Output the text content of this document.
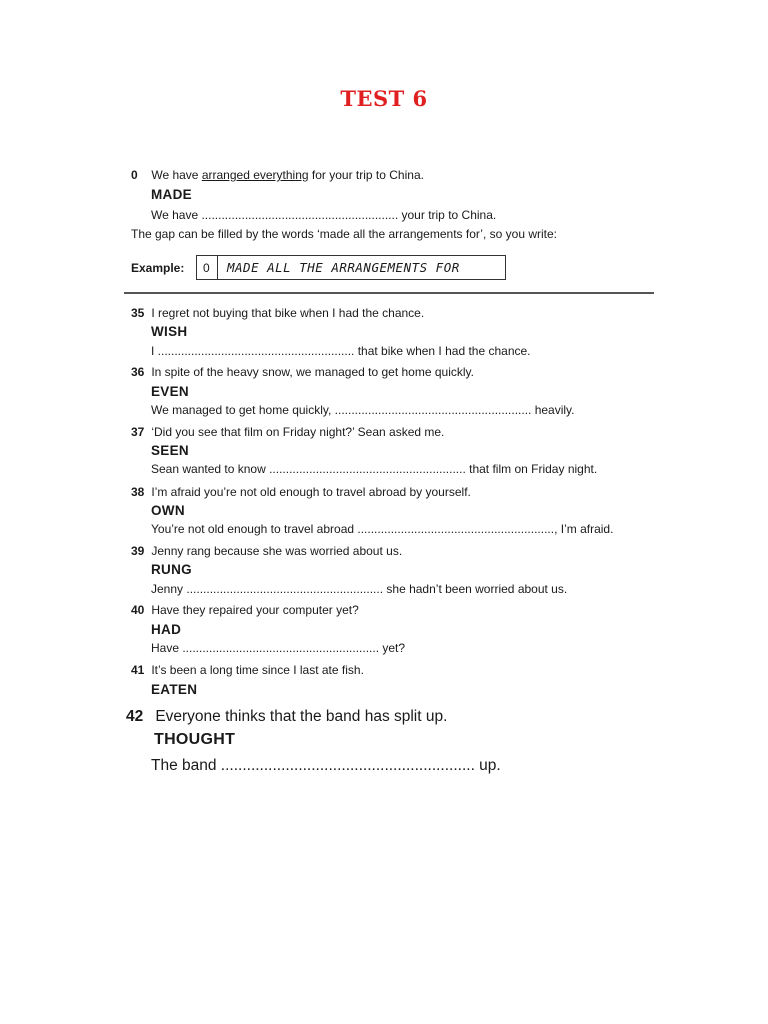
TEST 6
0 We have arranged everything for your trip to China.
MADE
We have ........................................................... your trip to China.
The gap can be filled by the words ‘made all the arrangements for’, so you write:
Example: 0 MADE ALL THE ARRANGEMENTS FOR
35 I regret not buying that bike when I had the chance.
WISH
I ........................................................... that bike when I had the chance.
36 In spite of the heavy snow, we managed to get home quickly.
EVEN
We managed to get home quickly, ........................................................... heavily.
37 ‘Did you see that film on Friday night?’ Sean asked me.
SEEN
Sean wanted to know ........................................................... that film on Friday night.
38 I’m afraid you’re not old enough to travel abroad by yourself.
OWN
You’re not old enough to travel abroad ..........................................................., I’m afraid.
39 Jenny rang because she was worried about us.
RUNG
Jenny ........................................................... she hadn’t been worried about us.
40 Have they repaired your computer yet?
HAD
Have ........................................................... yet?
41 It’s been a long time since I last ate fish.
EATEN
42 Everyone thinks that the band has split up.
THOUGHT
The band ........................................................... up.
